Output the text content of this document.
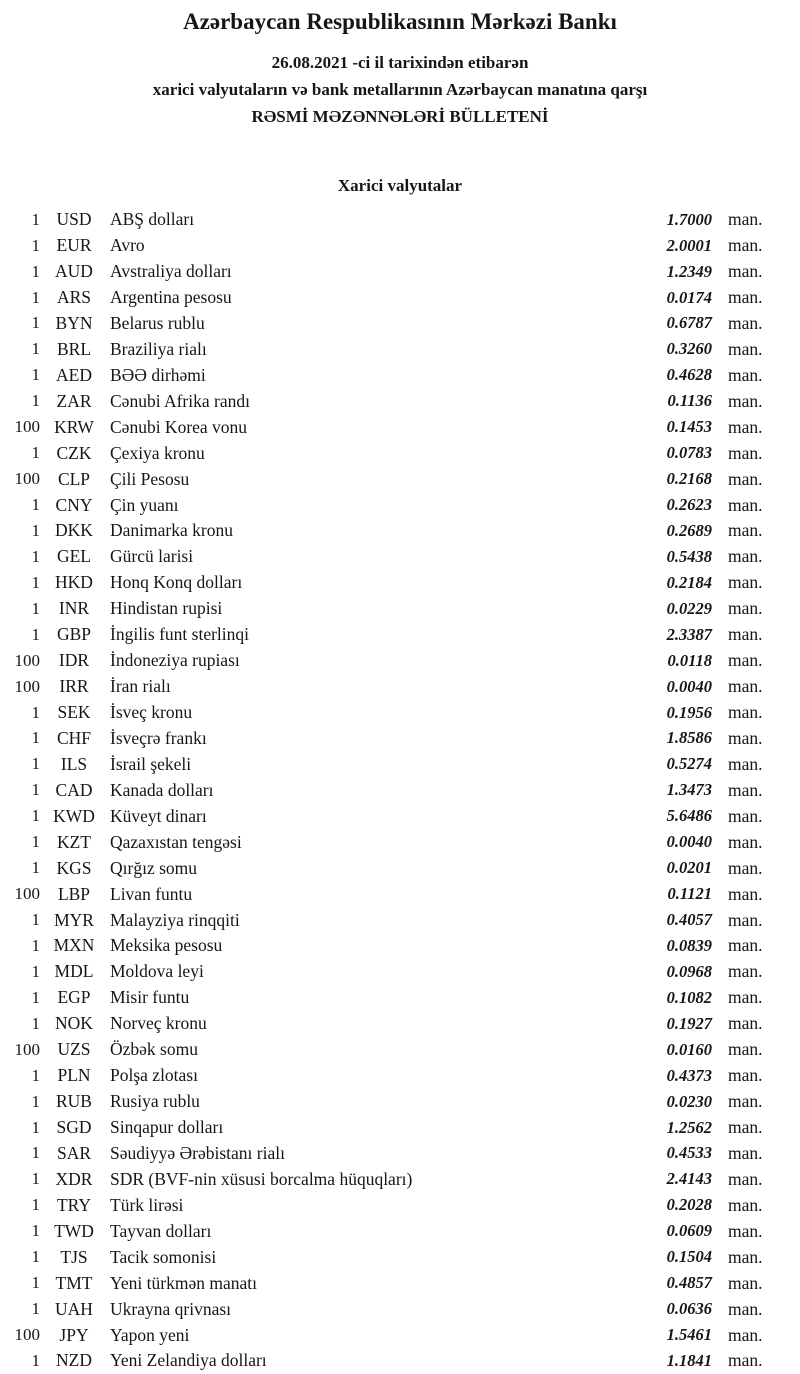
Azərbaycan Respublikasının Mərkəzi Bankı
26.08.2021 -ci il tarixindən etibarən
xarici valyutaların və bank metallarının Azərbaycan manatına qarşı
RƏSMİ MƏZƏNNƏLƏRİ BÜLLETENİ
Xarici valyutalar
1 USD	ABŞ dolları	1.7000 man.
1 EUR	Avro	2.0001 man.
1 AUD Avstraliya dolları	1.2349 man.
1 ARS	Argentina pesosu	0.0174 man.
1 BYN	Belarus rublu	0.6787 man.
1 BRL	Braziliya rialı	0.3260 man.
1 AED	BƏƏ dirhəmi	0.4628 man.
1 ZAR	Cənubi Afrika randı	0.1136 man.
100 KRW Cənubi Korea vonu	0.1453 man.
1 CZK	Çexiya kronu	0.0783 man.
100	CLP	Çili Pesosu	0.2168 man.
1 CNY	Çin yuanı	0.2623 man.
1 DKK Danimarka kronu	0.2689 man.
1 GEL	Gürcü larisi	0.5438 man.
1 HKD Honq Konq dolları	0.2184 man.
1	INR	Hindistan rupisi	0.0229 man.
1 GBP	İngilis funt sterlinqi	2.3387 man.
100	IDR	İndoneziya rupiası	0.0118 man.
100	IRR	İran rialı	0.0040 man.
1 SEK	İsveç kronu	0.1956 man.
1 CHF	İsveçrə frankı	1.8586 man.
1	ILS	İsrail şekeli	0.5274 man.
1 CAD	Kanada dolları	1.3473 man.
1 KWD Küveyt dinarı	5.6486 man.
1 KZT	Qazaxıstan tengəsi	0.0040 man.
1 KGS	Qırğız somu	0.0201 man.
100	LBP	Livan funtu	0.1121 man.
1 MYR Malayziya rinqqiti	0.4057 man.
1 MXN Meksika pesosu	0.0839 man.
1 MDL Moldova leyi	0.0968 man.
1 EGP	Misir funtu	0.1082 man.
1 NOK Norveç kronu	0.1927 man.
100 UZS	Özbək somu	0.0160 man.
1 PLN	Polşa zlotası	0.4373 man.
1 RUB	Rusiya rublu	0.0230 man.
1 SGD	Sinqapur dolları	1.2562 man.
1 SAR	Səudiyyə Ərəbistanı rialı	0.4533 man.
1 XDR	SDR (BVF-nin xüsusi borcalma hüquqları)	2.4143 man.
1 TRY	Türk lirəsi	0.2028 man.
1 TWD Tayvan dolları	0.0609 man.
1	TJS	Tacik somonisi	0.1504 man.
1 TMT	Yeni türkmən manatı	0.4857 man.
1 UAH Ukrayna qrivnası	0.0636 man.
100	JPY	Yapon yeni	1.5461 man.
1 NZD	Yeni Zelandiya dolları	1.1841 man.
